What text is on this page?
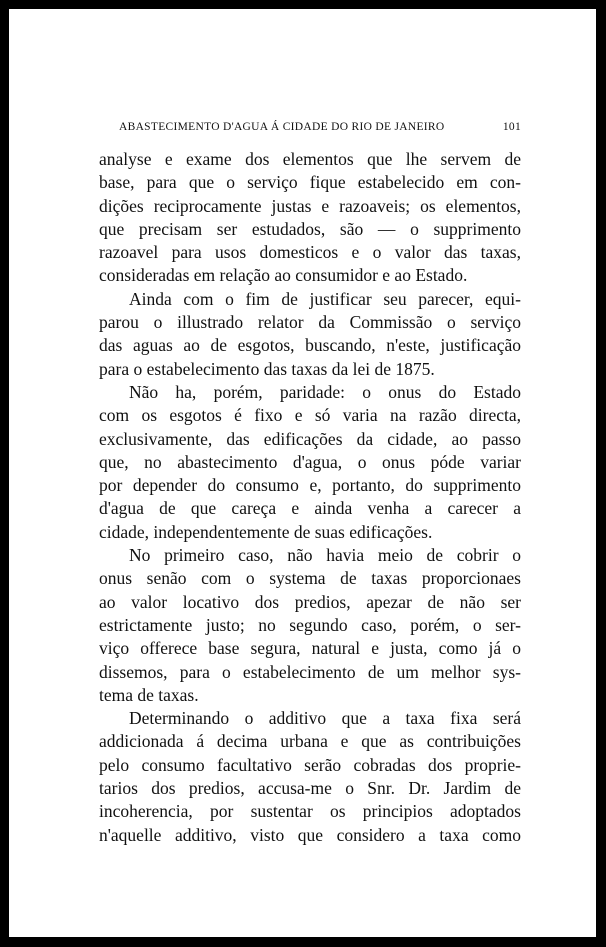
ABASTECIMENTO D'AGUA Á CIDADE DO RIO DE JANEIRO	101
analyse e exame dos elementos que lhe servem de
base, para que o serviço fique estabelecido em con-
dições reciprocamente justas e razoaveis; os elementos,
que precisam ser estudados, são — o supprimento
razoavel para usos domesticos e o valor das taxas,
consideradas em relação ao consumidor e ao Estado.
Ainda com o fim de justificar seu parecer, equi-
parou o illustrado relator da Commissão o serviço
das aguas ao de esgotos, buscando, n'este, justificação
para o estabelecimento das taxas da lei de 1875.
Não ha, porém, paridade: o onus do Estado
com os esgotos é fixo e só varia na razão directa,
exclusivamente, das edificações da cidade, ao passo
que, no abastecimento d'agua, o onus póde variar
por depender do consumo e, portanto, do supprimento
d'agua de que careça e ainda venha a carecer a
cidade, independentemente de suas edificações.
No primeiro caso, não havia meio de cobrir o
onus senão com o systema de taxas proporcionaes
ao valor locativo dos predios, apezar de não ser
estrictamente justo; no segundo caso, porém, o ser-
viço offerece base segura, natural e justa, como já o
dissemos, para o estabelecimento de um melhor sys-
tema de taxas.
Determinando o additivo que a taxa fixa será
addicionada á decima urbana e que as contribuições
pelo consumo facultativo serão cobradas dos proprie-
tarios dos predios, accusa-me o Snr. Dr. Jardim de
incoherencia, por sustentar os principios adoptados
n'aquelle additivo, visto que considero a taxa como
